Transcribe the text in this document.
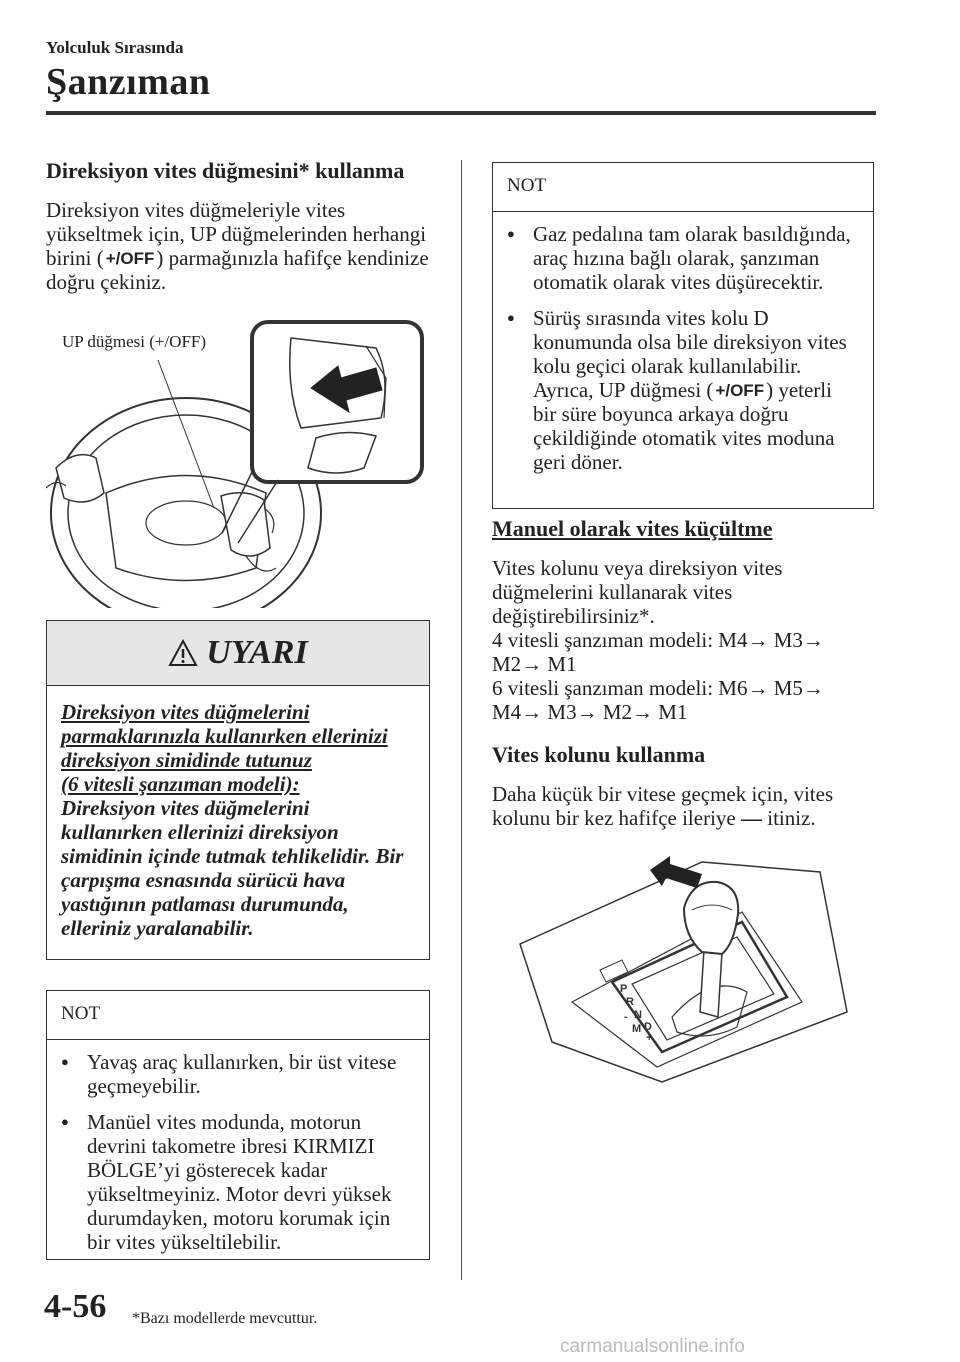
Yolculuk Sırasında
Şanzıman
Direksiyon vites düğmesini* kullanma
Direksiyon vites düğmeleriyle vites yükseltmek için, UP düğmelerinden herhangi birini ( +/OFF) parmağınızla hafifçe kendinize doğru çekiniz.
UP düğmesi (+/OFF)
UYARI
Direksiyon vites düğmelerini
parmaklarınızla kullanırken ellerinizi
direksiyon simidinde tutunuz
(6 vitesli şanzıman modeli):
Direksiyon vites düğmelerini kullanırken ellerinizi direksiyon simidinin içinde tutmak tehlikelidir. Bir çarpışma esnasında sürücü hava yastığının patlaması durumunda, elleriniz yaralanabilir.
NOT
● Yavaş araç kullanırken, bir üst vitese geçmeyebilir.
● Manüel vites modunda, motorun devrini takometre ibresi KIRMIZI BÖLGE’yi gösterecek kadar yükseltmeyiniz. Motor devri yüksek durumdayken, motoru korumak için bir vites yükseltilebilir.
NOT
● Gaz pedalına tam olarak basıldığında, araç hızına bağlı olarak, şanzıman otomatik olarak vites düşürecektir.
● Sürüş sırasında vites kolu D konumunda olsa bile direksiyon vites kolu geçici olarak kullanılabilir. Ayrıca, UP düğmesi ( +/OFF) yeterli bir süre boyunca arkaya doğru çekildiğinde otomatik vites moduna geri döner.
Manuel olarak vites küçültme
Vites kolunu veya direksiyon vites düğmelerini kullanarak vites değiştirebilirsiniz*.
4 vitesli şanzıman modeli: M4→ M3→
M2→ M1
6 vitesli şanzıman modeli: M6→ M5→
M4→ M3→ M2→ M1
Vites kolunu kullanma
Daha küçük bir vitese geçmek için, vites kolunu bir kez hafifçe ileriye — itiniz.
P
R
N
D
M
+
-
4-56 *Bazı modellerde mevcuttur.
carmanualsonline.info
